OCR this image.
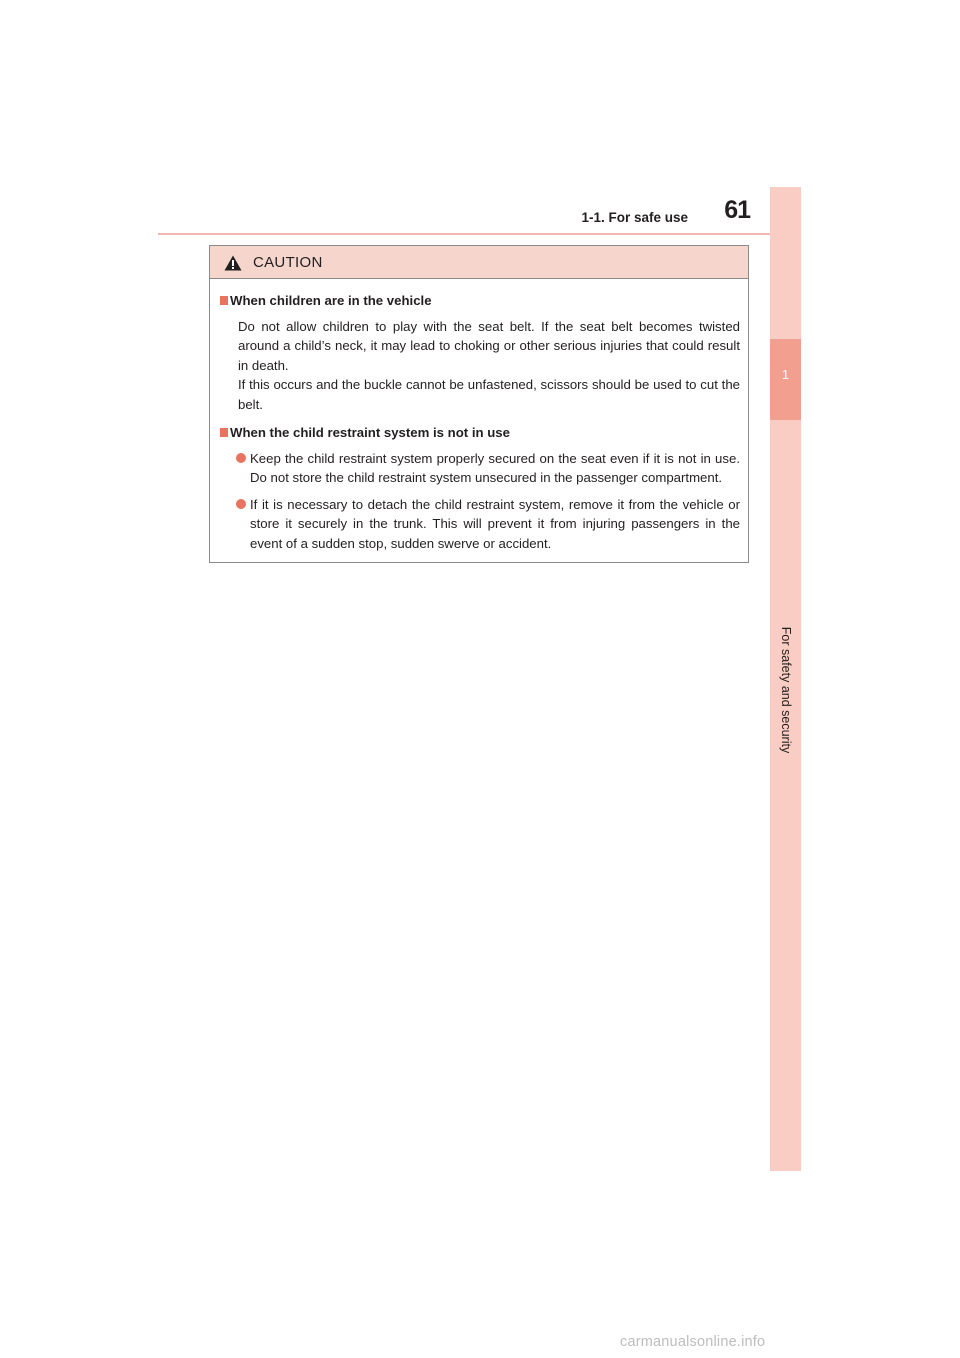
1-1. For safe use	61
1
For safety and security
CAUTION

When children are in the vehicle

Do not allow children to play with the seat belt. If the seat belt becomes twisted around a child’s neck, it may lead to choking or other serious injuries that could result in death.

If this occurs and the buckle cannot be unfastened, scissors should be used to cut the belt.

When the child restraint system is not in use

Keep the child restraint system properly secured on the seat even if it is not in use. Do not store the child restraint system unsecured in the passenger compartment.
If it is necessary to detach the child restraint system, remove it from the vehicle or store it securely in the trunk. This will prevent it from injuring passengers in the event of a sudden stop, sudden swerve or accident.
carmanualsonline.info
